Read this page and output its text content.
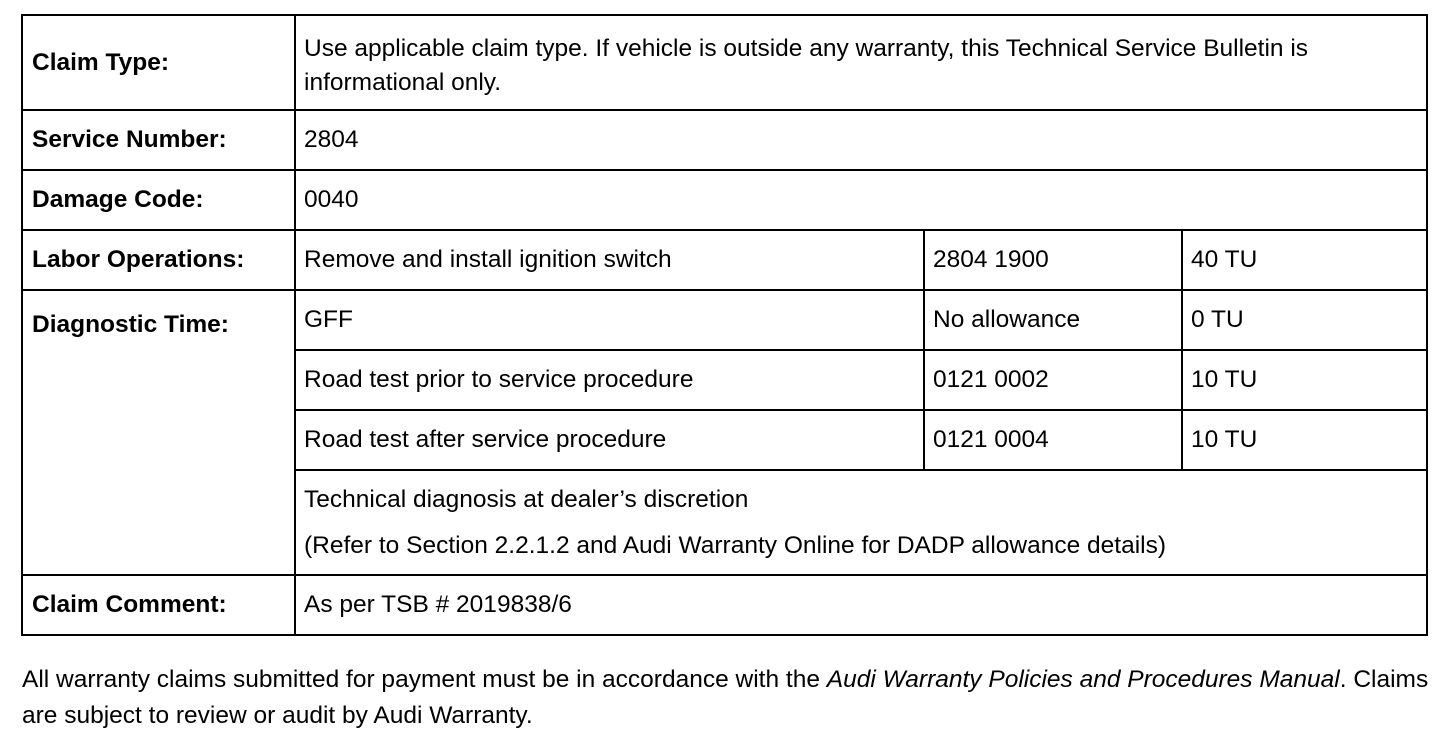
Claim Type:	Use applicable claim type. If vehicle is outside any warranty, this Technical Service Bulletin is informational only.		
Service Number:	2804		
Damage Code:	0040		
Labor Operations:	Remove and install ignition switch	2804 1900	40 TU
Diagnostic Time:	GFF	No allowance	0 TU
	Road test prior to service procedure	0121 0002	10 TU
	Road test after service procedure	0121 0004	10 TU

	Technical diagnosis at dealer’s discretion
(Refer to Section 2.2.1.2 and Audi Warranty Online for DADP allowance details)		

Claim Comment:	As per TSB # 2019838/6		
All warranty claims submitted for payment must be in accordance with the Audi Warranty Policies and Procedures Manual. Claims are subject to review or audit by Audi Warranty.
